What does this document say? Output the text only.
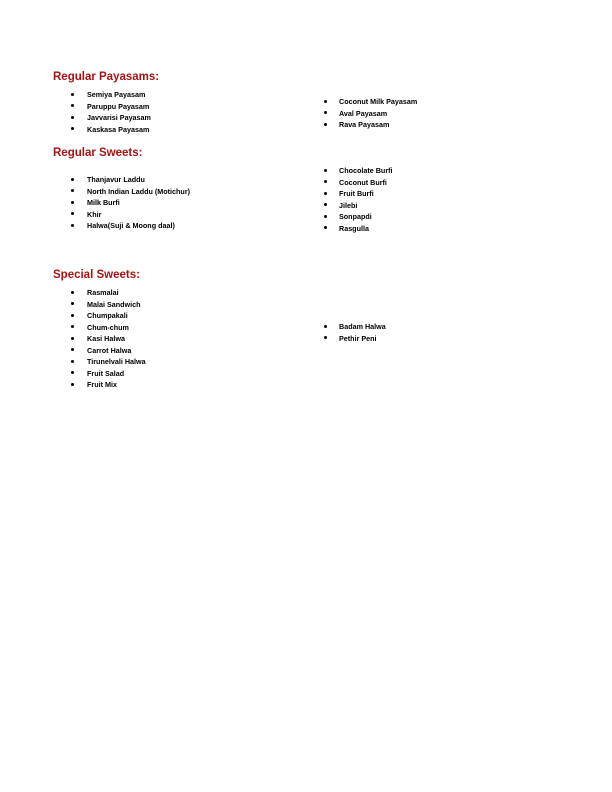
Regular Payasams:
Semiya Payasam
Paruppu Payasam
Javvarisi Payasam
Kaskasa Payasam
Coconut Milk Payasam
Aval Payasam
Rava Payasam
Regular Sweets:
Thanjavur Laddu
North Indian Laddu (Motichur)
Milk Burfi
Khir
Halwa(Suji & Moong daal)
Chocolate Burfi
Coconut Burfi
Fruit Burfi
Jilebi
Sonpapdi
Rasgulla
Special Sweets:
Rasmalai
Malai Sandwich
Chumpakali
Chum-chum
Kasi Halwa
Carrot Halwa
Tirunelvali Halwa
Fruit Salad
Fruit Mix
Badam Halwa
Pethir Peni
